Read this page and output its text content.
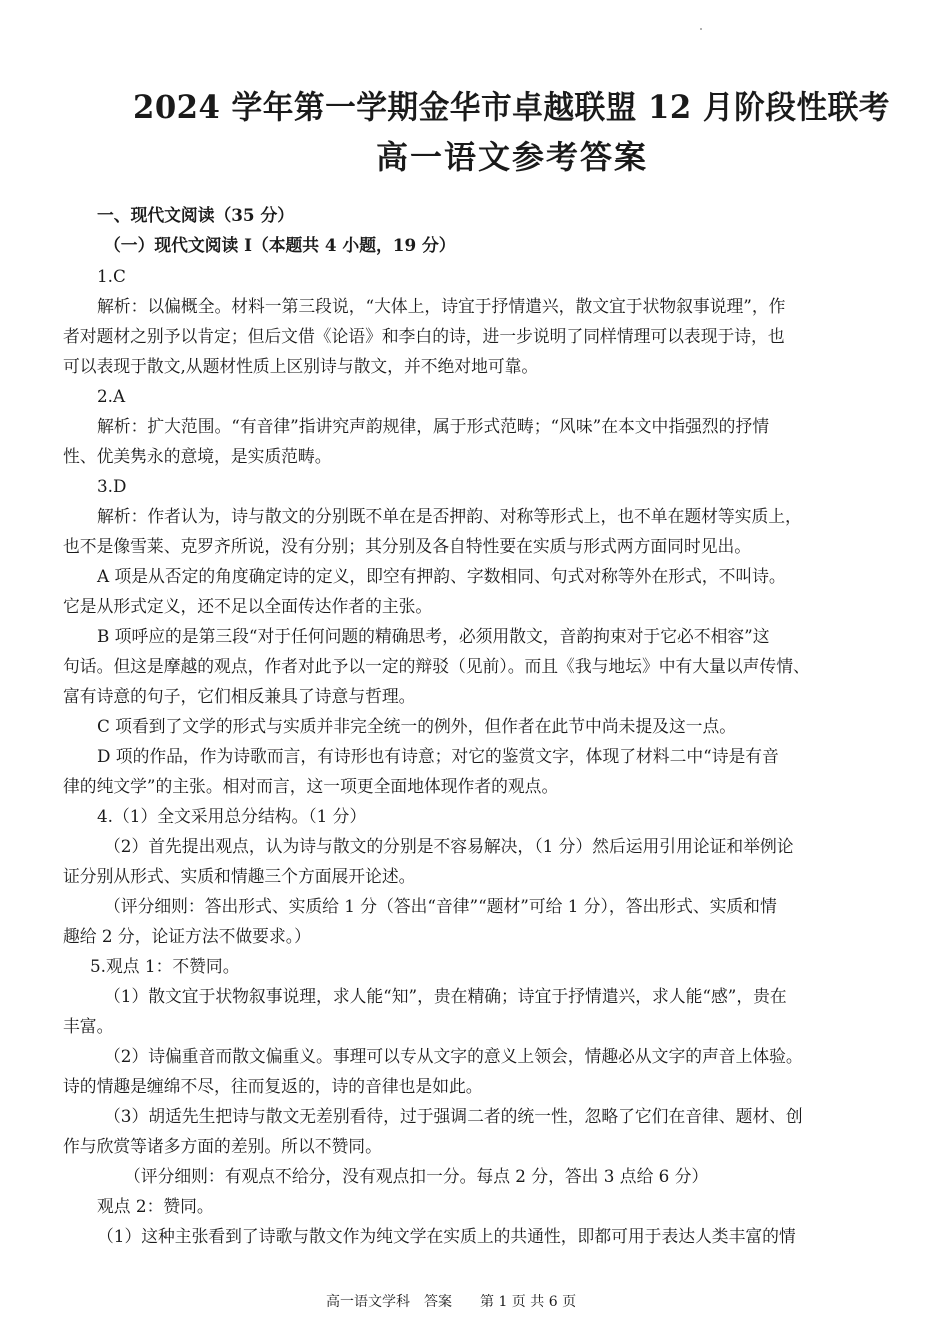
2024 学年第一学期金华市卓越联盟 12 月阶段性联考
高一语文参考答案
一、现代文阅读（35 分）
（一）现代文阅读 I（本题共 4 小题，19 分）
1.C
解析：以偏概全。材料一第三段说，“大体上，诗宜于抒情遣兴，散文宜于状物叙事说理”，作
者对题材之别予以肯定；但后文借《论语》和李白的诗，进一步说明了同样情理可以表现于诗，也
可以表现于散文,从题材性质上区别诗与散文，并不绝对地可靠。
2.A
解析：扩大范围。“有音律”指讲究声韵规律，属于形式范畴；“风味”在本文中指强烈的抒情
性、优美隽永的意境，是实质范畴。
3.D
解析：作者认为，诗与散文的分别既不单在是否押韵、对称等形式上，也不单在题材等实质上，
也不是像雪莱、克罗齐所说，没有分别；其分别及各自特性要在实质与形式两方面同时见出。
A 项是从否定的角度确定诗的定义，即空有押韵、字数相同、句式对称等外在形式，不叫诗。
它是从形式定义，还不足以全面传达作者的主张。
B 项呼应的是第三段“对于任何问题的精确思考，必须用散文，音韵拘束对于它必不相容”这
句话。但这是摩越的观点，作者对此予以一定的辩驳（见前）。而且《我与地坛》中有大量以声传情、
富有诗意的句子，它们相反兼具了诗意与哲理。
C 项看到了文学的形式与实质并非完全统一的例外，但作者在此节中尚未提及这一点。
D 项的作品，作为诗歌而言，有诗形也有诗意；对它的鉴赏文字，体现了材料二中“诗是有音
律的纯文学”的主张。相对而言，这一项更全面地体现作者的观点。
4.（1）全文采用总分结构。（1 分）
（2）首先提出观点，认为诗与散文的分别是不容易解决，（1 分）然后运用引用论证和举例论
证分别从形式、实质和情趣三个方面展开论述。
（评分细则：答出形式、实质给 1 分（答出“音律”“题材”可给 1 分），答出形式、实质和情
趣给 2 分，论证方法不做要求。）
5.观点 1：不赞同。
（1）散文宜于状物叙事说理，求人能“知”，贵在精确；诗宜于抒情遣兴，求人能“感”，贵在
丰富。
（2）诗偏重音而散文偏重义。事理可以专从文字的意义上领会，情趣必从文字的声音上体验。
诗的情趣是缠绵不尽，往而复返的，诗的音律也是如此。
（3）胡适先生把诗与散文无差别看待，过于强调二者的统一性，忽略了它们在音律、题材、创
作与欣赏等诸多方面的差别。所以不赞同。
（评分细则：有观点不给分，没有观点扣一分。每点 2 分，答出 3 点给 6 分）
观点 2：赞同。
（1）这种主张看到了诗歌与散文作为纯文学在实质上的共通性，即都可用于表达人类丰富的情
高一语文学科　答案　　第 1 页 共 6 页
